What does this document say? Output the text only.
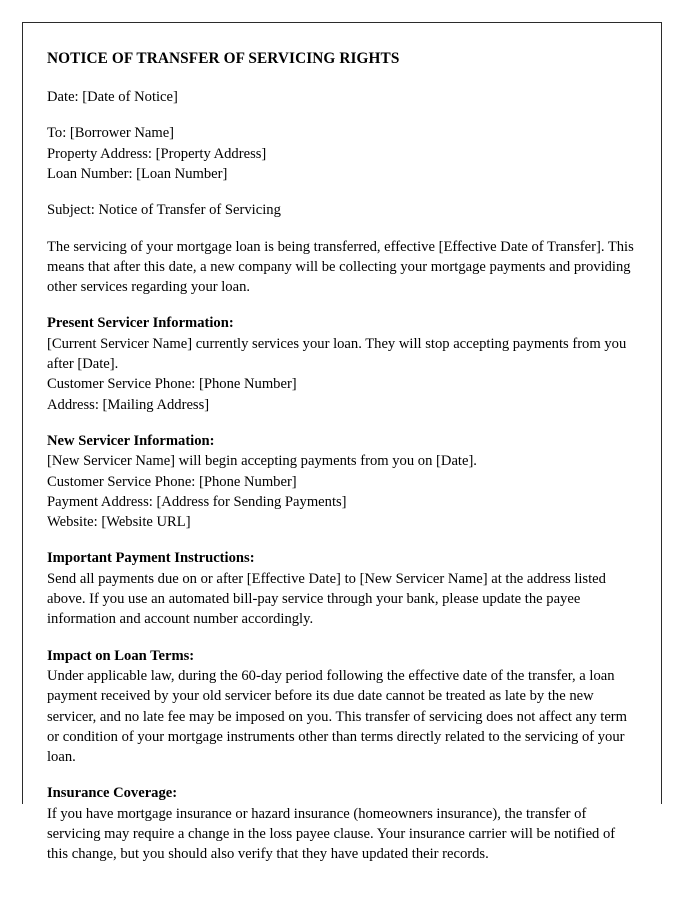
NOTICE OF TRANSFER OF SERVICING RIGHTS

Date: [Date of Notice]

To: [Borrower Name]

Property Address: [Property Address]

Loan Number: [Loan Number]

Subject: Notice of Transfer of Servicing

The servicing of your mortgage loan is being transferred, effective [Effective Date of Transfer]. This means that after this date, a new company will be collecting your mortgage payments and providing other services regarding your loan.

Present Servicer Information:

[Current Servicer Name] currently services your loan. They will stop accepting payments from you after [Date].

Customer Service Phone: [Phone Number]

Address: [Mailing Address]

New Servicer Information:

[New Servicer Name] will begin accepting payments from you on [Date].

Customer Service Phone: [Phone Number]

Payment Address: [Address for Sending Payments]

Website: [Website URL]

Important Payment Instructions:

Send all payments due on or after [Effective Date] to [New Servicer Name] at the address listed above. If you use an automated bill-pay service through your bank, please update the payee information and account number accordingly.

Impact on Loan Terms:

Under applicable law, during the 60-day period following the effective date of the transfer, a loan payment received by your old servicer before its due date cannot be treated as late by the new servicer, and no late fee may be imposed on you. This transfer of servicing does not affect any term or condition of your mortgage instruments other than terms directly related to the servicing of your loan.

Insurance Coverage:

If you have mortgage insurance or hazard insurance (homeowners insurance), the transfer of servicing may require a change in the loss payee clause. Your insurance carrier will be notified of this change, but you should also verify that they have updated their records.
